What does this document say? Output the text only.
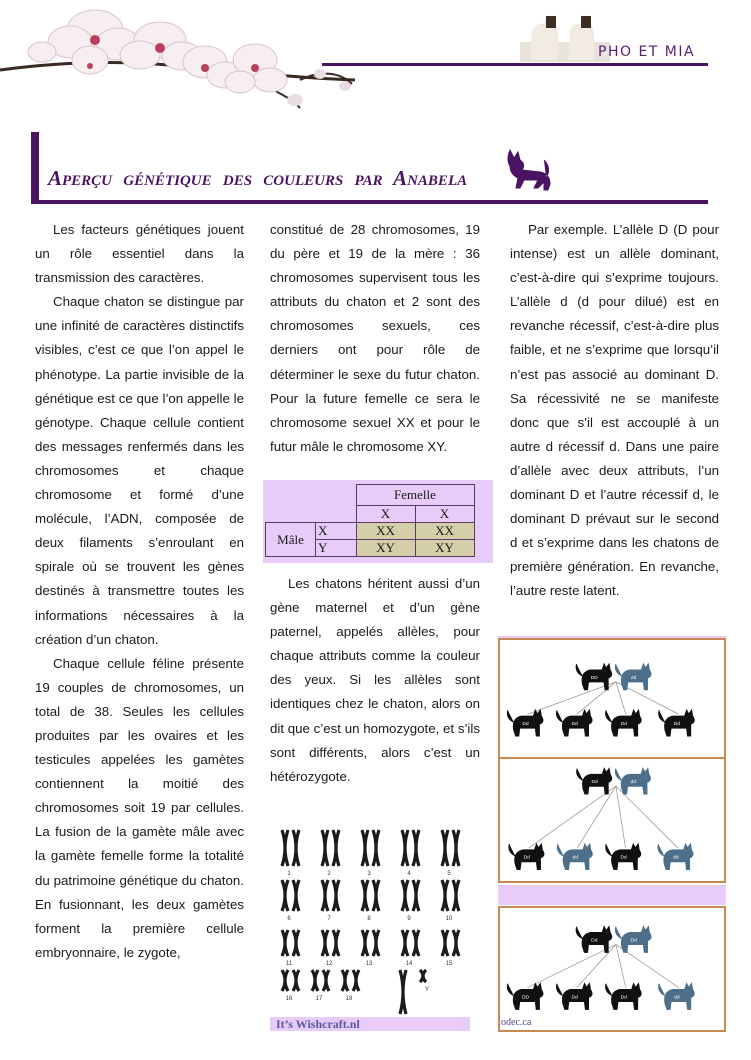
PHO ET MIA
Aperçu génétique des couleurs par Anabela

Les facteurs génétiques jouent un rôle essentiel dans la transmission des caractères.

Chaque chaton se distingue par une infinité de caractères distinctifs visibles, c’est ce que l’on appel le phénotype. La partie invisible de la génétique est ce que l’on appelle le génotype. Chaque cellule contient des messages renfermés dans les chromosomes et chaque chromosome et formé d’une molécule, l’ADN, composée de deux filaments s’enroulant en spirale où se trouvent les gènes destinés à transmettre toutes les informations nécessaires à la création d’un chaton.

Chaque cellule féline présente 19 couples de chromosomes, un total de 38. Seules les cellules produites par les ovaires et les testicules appelées les gamètes contiennent la moitié des chromosomes soit 19 par cellules. La fusion de la gamète mâle avec la gamète femelle forme la totalité du patrimoine génétique du chaton. En fusionnant, les deux gamètes forment la première cellule embryonnaire, le zygote,

constitué de 28 chromosomes, 19 du père et 19 de la mère : 36 chromosomes supervisent tous les attributs du chaton et 2 sont des chromosomes sexuels, ces derniers ont pour rôle de déterminer le sexe du futur chaton. Pour la future femelle ce sera le chromosome sexuel XX et pour le futur mâle le chromosome XY.

		Femelle	
		X	X
Mâle	X	XX	XX
	Y	XY	XY

Les chatons héritent aussi d’un gène maternel et d’un gène paternel, appelés allèles, pour chaque attributs comme la couleur des yeux. Si les allèles sont identiques chez le chaton, alors on dit que c’est un homozygote, et s’ils sont différents, alors c’est un hétérozygote.

1	2	3	4	5
6	7	8	9	10
11	12	13	14	15
16	17	18
Y
It’s Wishcraft.nl

Par exemple. L’allèle D (D pour intense) est un allèle dominant, c’est-à-dire qui s’exprime toujours. L’allèle d (d pour dilué) est en revanche récessif, c’est-à-dire plus faible, et ne s’exprime que lorsqu’il n’est pas associé au dominant D. Sa récessivité ne se manifeste donc que s’il est accouplé à un autre d récessif d. Dans une paire d’allèle avec deux attributs, l’un dominant D et l’autre récessif d, le dominant D prévaut sur le second d et s’exprime dans les chatons de première génération. En revanche, l’autre reste latent.

DD	dd
Dd	Dd	Dd	Dd
Dd	dd
Dd	dd	Dd	dd
Dd	Dd
DD	Dd	Dd	dd
odec.ca
